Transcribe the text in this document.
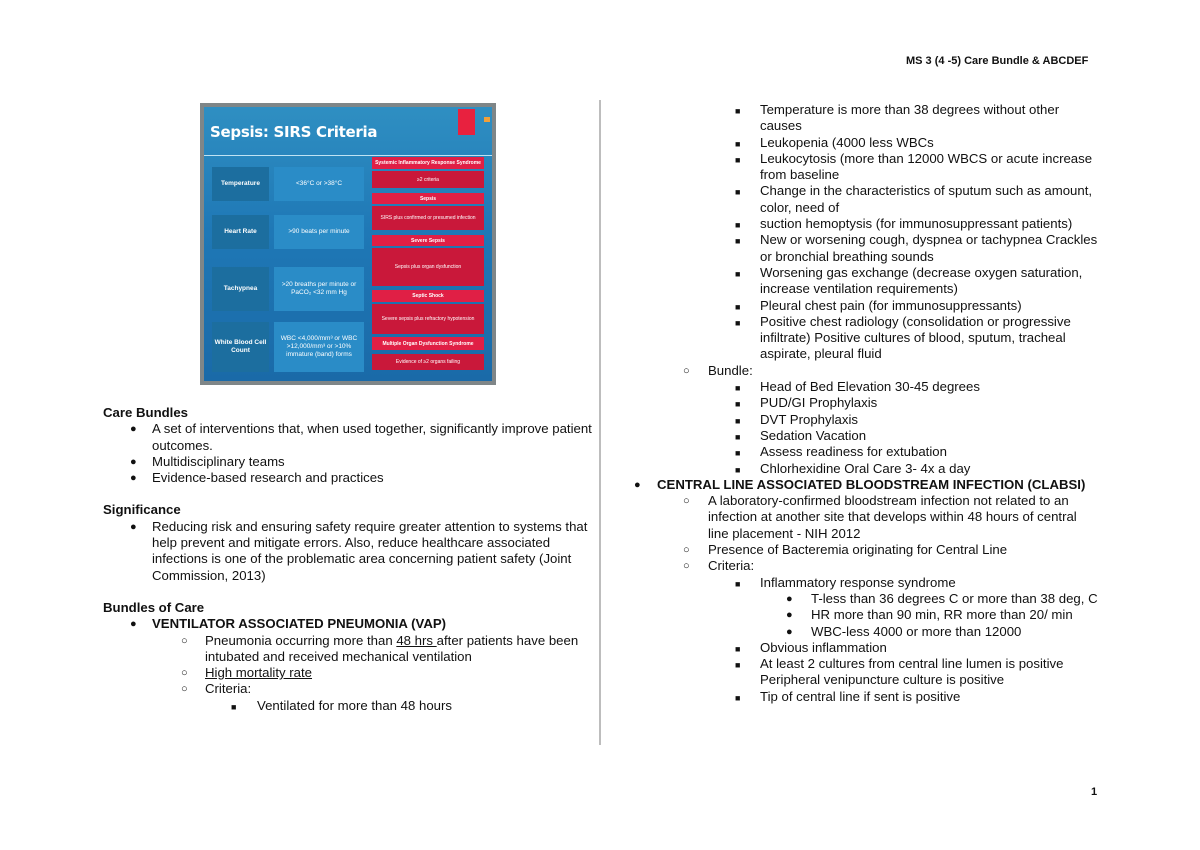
MS 3 (4 -5) Care Bundle & ABCDEF
1
Sepsis: SIRS Criteria
Temperature	<36°C or >38°C
Heart Rate	>90 beats per minute
Tachypnea
>20 breaths per minute or PaCO₂ <32 mm Hg
White Blood Cell Count
WBC <4,000/mm³ or WBC >12,000/mm³ or >10% immature (band) forms
Systemic Inflammatory Response Syndrome
≥2 criteria
Sepsis
SIRS plus confirmed or presumed infection
Severe Sepsis
Sepsis plus organ dysfunction
Septic Shock
Severe sepsis plus refractory hypotension
Multiple Organ Dysfunction Syndrome
Evidence of ≥2 organs failing

Care Bundles

● A set of interventions that, when used together, significantly improve patient outcomes.
● Multidisciplinary teams
● Evidence-based research and practices

Significance

● Reducing risk and ensuring safety require greater attention to systems that help prevent and mitigate errors. Also, reduce healthcare associated infections is one of the problematic area concerning patient safety (Joint Commission, 2013)

Bundles of Care

● VENTILATOR ASSOCIATED PNEUMONIA (VAP)
○ Pneumonia occurring more than 48 hrs after patients have been intubated and received mechanical ventilation
○ High mortality rate
○ Criteria:
■ Ventilated for more than 48 hours
■ Temperature is more than 38 degrees without other causes
■ Leukopenia (4000 less WBCs
■ Leukocytosis (more than 12000 WBCS or acute increase from baseline
■ Change in the characteristics of sputum such as amount, color, need of
■ suction hemoptysis (for immunosuppressant patients)
■ New or worsening cough, dyspnea or tachypnea Crackles or bronchial breathing sounds
■ Worsening gas exchange (decrease oxygen saturation, increase ventilation requirements)
■ Pleural chest pain (for immunosuppressants)
■ Positive chest radiology (consolidation or progressive infiltrate) Positive cultures of blood, sputum, tracheal aspirate, pleural fluid
○ Bundle:
■ Head of Bed Elevation 30-45 degrees
■ PUD/GI Prophylaxis
■ DVT Prophylaxis
■ Sedation Vacation
■ Assess readiness for extubation
■ Chlorhexidine Oral Care 3- 4x a day
● CENTRAL LINE ASSOCIATED BLOODSTREAM INFECTION (CLABSI)
○ A laboratory-confirmed bloodstream infection not related to an infection at another site that develops within 48 hours of central line placement - NIH 2012
○ Presence of Bacteremia originating for Central Line
○ Criteria:
■ Inflammatory response syndrome
● T-less than 36 degrees C or more than 38 deg, C
● HR more than 90 min, RR more than 20/ min
● WBC-less 4000 or more than 12000
■ Obvious inflammation
■ At least 2 cultures from central line lumen is positive Peripheral venipuncture culture is positive
■ Tip of central line if sent is positive
